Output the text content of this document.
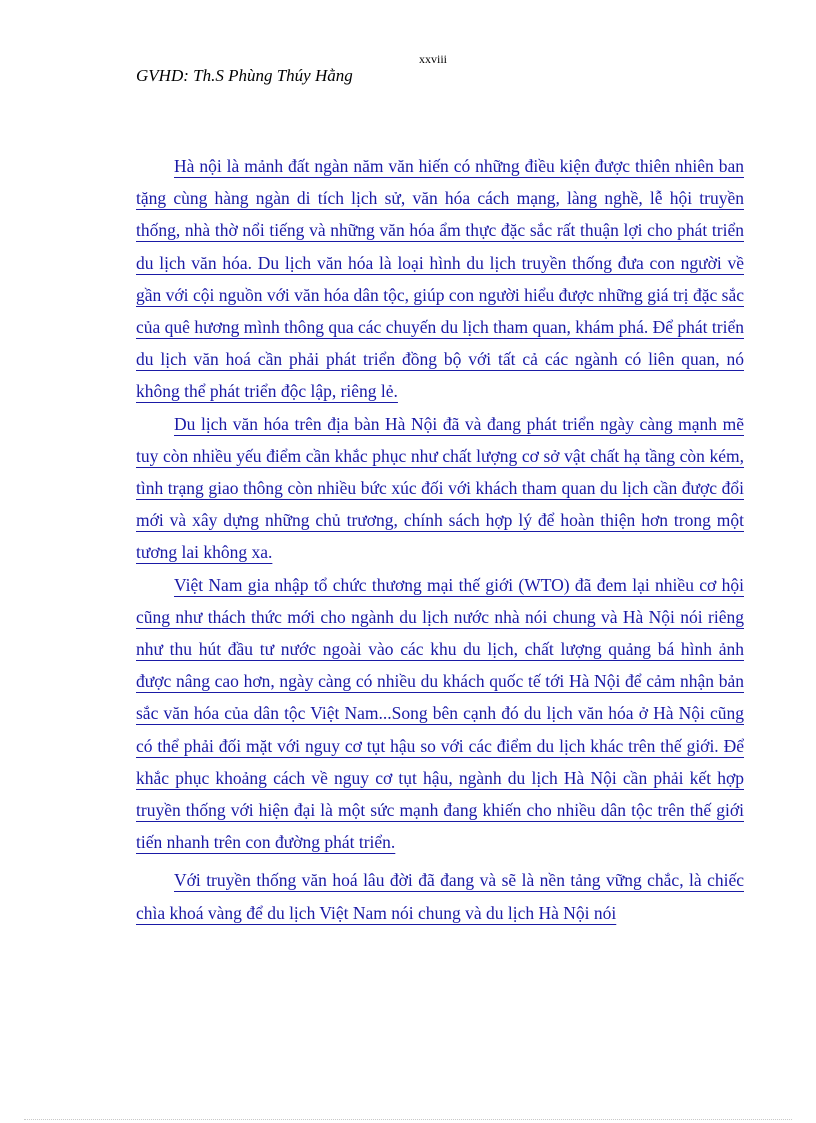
xxviii
GVHD: Th.S Phùng Thúy Hằng

Hà nội là mảnh đất ngàn năm văn hiến có những điều kiện được thiên nhiên ban tặng cùng hàng ngàn di tích lịch sử, văn hóa cách mạng, làng nghề, lễ hội truyền thống, nhà thờ nổi tiếng và những văn hóa ẩm thực đặc sắc rất thuận lợi cho phát triển du lịch văn hóa. Du lịch văn hóa là loại hình du lịch truyền thống đưa con người về gần với cội nguồn với văn hóa dân tộc, giúp con người hiểu được những giá trị đặc sắc của quê hương mình thông qua các chuyến du lịch tham quan, khám phá. Để phát triển du lịch văn hoá cần phải phát triển đồng bộ với tất cả các ngành có liên quan, nó không thể phát triển độc lập, riêng lẻ.

Du lịch văn hóa trên địa bàn Hà Nội đã và đang phát triển ngày càng mạnh mẽ tuy còn nhiều yếu điểm cần khắc phục như chất lượng cơ sở vật chất hạ tầng còn kém, tình trạng giao thông còn nhiều bức xúc đối với khách tham quan du lịch cần được đổi mới và xây dựng những chủ trương, chính sách hợp lý để hoàn thiện hơn trong một tương lai không xa.

Việt Nam gia nhập tổ chức thương mại thế giới (WTO) đã đem lại nhiều cơ hội cũng như thách thức mới cho ngành du lịch nước nhà nói chung và Hà Nội nói riêng như thu hút đầu tư nước ngoài vào các khu du lịch, chất lượng quảng bá hình ảnh được nâng cao hơn, ngày càng có nhiều du khách quốc tế tới Hà Nội để cảm nhận bản sắc văn hóa của dân tộc Việt Nam...Song bên cạnh đó du lịch văn hóa ở Hà Nội cũng có thể phải đối mặt với nguy cơ tụt hậu so với các điểm du lịch khác trên thế giới. Để khắc phục khoảng cách về nguy cơ tụt hậu, ngành du lịch Hà Nội cần phải kết hợp truyền thống với hiện đại là một sức mạnh đang khiến cho nhiều dân tộc trên thế giới tiến nhanh trên con đường phát triển.

Với truyền thống văn hoá lâu đời đã đang và sẽ là nền tảng vững chắc, là chiếc chìa khoá vàng để du lịch Việt Nam nói chung và du lịch Hà Nội nói
